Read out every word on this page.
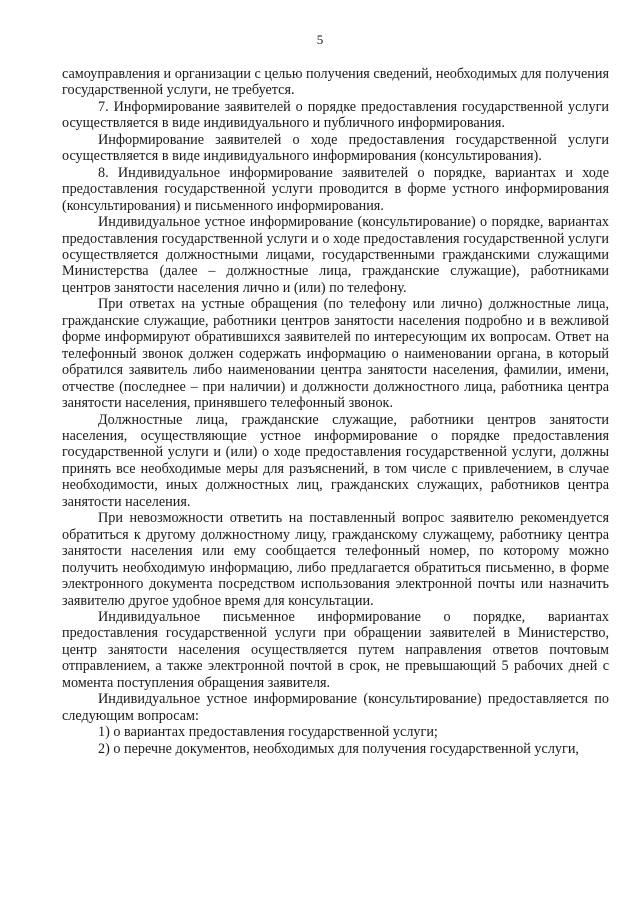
5

самоуправления и организации с целью получения сведений, необходимых для получения государственной услуги, не требуется.

7. Информирование заявителей о порядке предоставления государственной услуги осуществляется в виде индивидуального и публичного информирования.

Информирование заявителей о ходе предоставления государственной услуги осуществляется в виде индивидуального информирования (консультирования).

8. Индивидуальное информирование заявителей о порядке, вариантах и ходе предоставления государственной услуги проводится в форме устного информирования (консультирования) и письменного информирования.

Индивидуальное устное информирование (консультирование) о порядке, вариантах предоставления государственной услуги и о ходе предоставления государственной услуги осуществляется должностными лицами, государственными гражданскими служащими Министерства (далее – должностные лица, гражданские служащие), работниками центров занятости населения лично и (или) по телефону.

При ответах на устные обращения (по телефону или лично) должностные лица, гражданские служащие, работники центров занятости населения подробно и в вежливой форме информируют обратившихся заявителей по интересующим их вопросам. Ответ на телефонный звонок должен содержать информацию о наименовании органа, в который обратился заявитель либо наименовании центра занятости населения, фамилии, имени, отчестве (последнее – при наличии) и должности должностного лица, работника центра занятости населения, принявшего телефонный звонок.

Должностные лица, гражданские служащие, работники центров занятости населения, осуществляющие устное информирование о порядке предоставления государственной услуги и (или) о ходе предоставления государственной услуги, должны принять все необходимые меры для разъяснений, в том числе с привлечением, в случае необходимости, иных должностных лиц, гражданских служащих, работников центра занятости населения.

При невозможности ответить на поставленный вопрос заявителю рекомендуется обратиться к другому должностному лицу, гражданскому служащему, работнику центра занятости населения или ему сообщается телефонный номер, по которому можно получить необходимую информацию, либо предлагается обратиться письменно, в форме электронного документа посредством использования электронной почты или назначить заявителю другое удобное время для консультации.

Индивидуальное письменное информирование о порядке, вариантах предоставления государственной услуги при обращении заявителей в Министерство, центр занятости населения осуществляется путем направления ответов почтовым отправлением, а также электронной почтой в срок, не превышающий 5 рабочих дней с момента поступления обращения заявителя.

Индивидуальное устное информирование (консультирование) предоставляется по следующим вопросам:

1) о вариантах предоставления государственной услуги;

2) о перечне документов, необходимых для получения государственной услуги,
